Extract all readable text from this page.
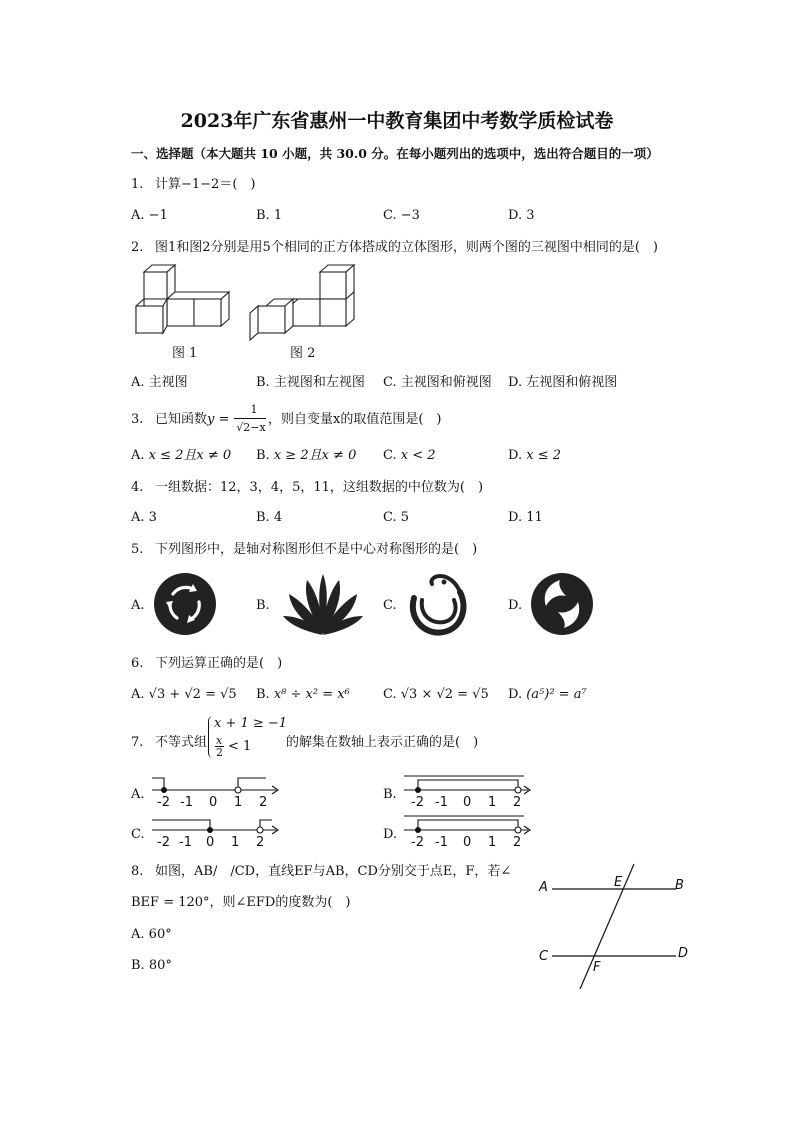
2023年广东省惠州一中教育集团中考数学质检试卷
一、选择题（本大题共 10 小题，共 30.0 分。在每小题列出的选项中，选出符合题目的一项）
1. 计算−1−2＝(　)
A. −1	B. 1	C. −3	D. 3
2. 图1和图2分别是用5个相同的正方体搭成的立体图形，则两个图的三视图中相同的是(　)
图 1	图 2
A. 主视图	B. 主视图和左视图 C. 主视图和俯视图 D. 左视图和俯视图
3. 已知函数 y =
1
√2−x
，则自变量x的取值范围是(　)
A. x ≤ 2且x ≠ 0 B. x ≥ 2且x ≠ 0 C. x < 2	D. x ≤ 2
4. 一组数据：12，3，4，5，11，这组数据的中位数为(　)
A. 3	B. 4	C. 5	D. 11
5. 下列图形中，是轴对称图形但不是中心对称图形的是(　)
A.	B.	C.	D.
6. 下列运算正确的是(　)
A. √3 + √2 = √5 B. x⁸ ÷ x² = x⁶	C. √3 × √2 = √5 D. (a⁵)² = a⁷
7. 不等式组
x + 1 ≥ −1
x
2 < 1	的解集在数轴上表示正确的是(　)
A.
-2 -1 0 1 2
B.
-2 -1 0 1 2
C.
-2 -1 0 1 2
D.
-2 -1 0 1 2
8. 如图，AB/　/CD，直线EF与AB，CD分别交于点E，F，若∠
BEF = 120°，则∠EFD的度数为(　)
A. 60°
B. 80°
A	B
C	D
E
F
